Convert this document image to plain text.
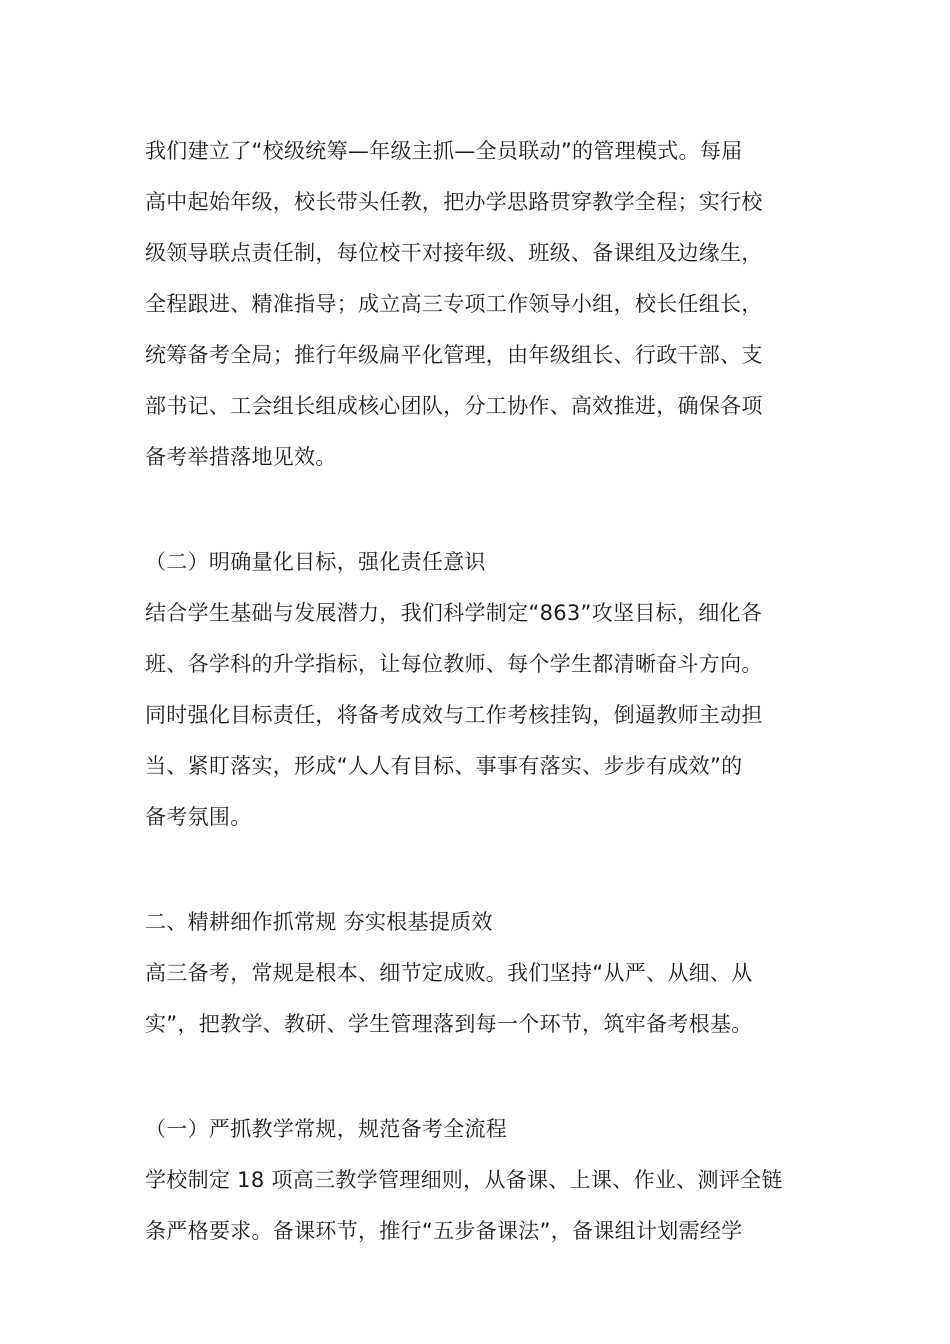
我们建立了“校级统筹—年级主抓—全员联动”的管理模式。每届
高中起始年级，校长带头任教，把办学思路贯穿教学全程；实行校
级领导联点责任制，每位校干对接年级、班级、备课组及边缘生，
全程跟进、精准指导；成立高三专项工作领导小组，校长任组长，
统筹备考全局；推行年级扁平化管理，由年级组长、行政干部、支
部书记、工会组长组成核心团队，分工协作、高效推进，确保各项
备考举措落地见效。

（二）明确量化目标，强化责任意识

结合学生基础与发展潜力，我们科学制定“863”攻坚目标，细化各
班、各学科的升学指标，让每位教师、每个学生都清晰奋斗方向。
同时强化目标责任，将备考成效与工作考核挂钩，倒逼教师主动担
当、紧盯落实，形成“人人有目标、事事有落实、步步有成效”的
备考氛围。

二、精耕细作抓常规 夯实根基提质效

高三备考，常规是根本、细节定成败。我们坚持“从严、从细、从
实”，把教学、教研、学生管理落到每一个环节，筑牢备考根基。

（一）严抓教学常规，规范备考全流程

学校制定 18 项高三教学管理细则，从备课、上课、作业、测评全链
条严格要求。备课环节，推行“五步备课法”，备课组计划需经学
